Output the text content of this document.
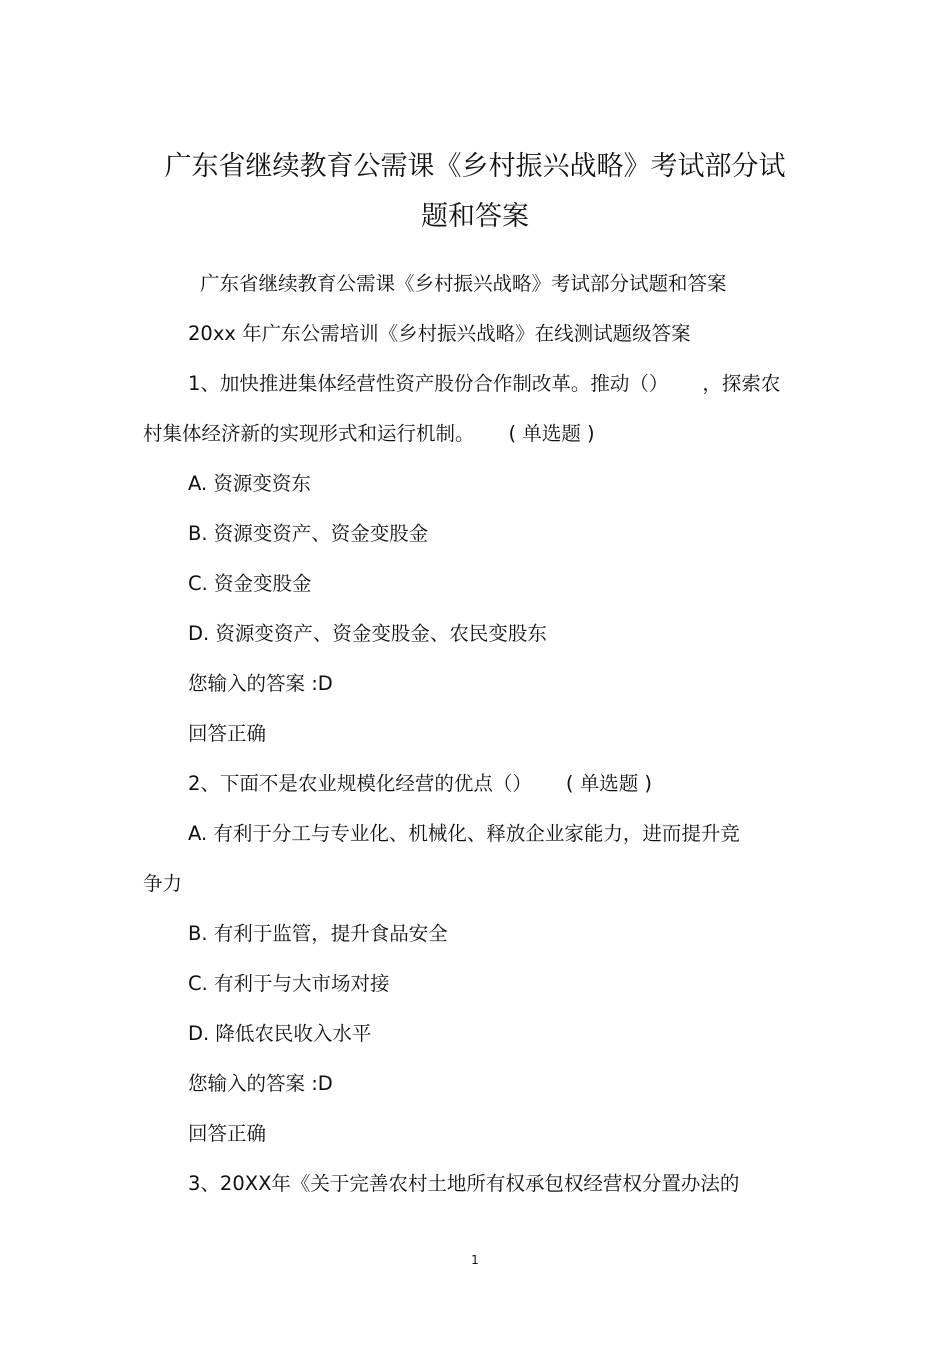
广东省继续教育公需课《乡村振兴战略》考试部分试
题和答案
广东省继续教育公需课《乡村振兴战略》考试部分试题和答案
20xx 年广东公需培训《乡村振兴战略》在线测试题级答案
1、加快推进集体经营性资产股份合作制改革。推动（） ，探索农
村集体经济新的实现形式和运行机制。 ( 单选题 )
A. 资源变资东
B. 资源变资产、资金变股金
C. 资金变股金
D. 资源变资产、资金变股金、农民变股东
您输入的答案 :D
回答正确
2、下面不是农业规模化经营的优点（） ( 单选题 )
A. 有利于分工与专业化、机械化、释放企业家能力，进而提升竞
争力
B. 有利于监管，提升食品安全
C. 有利于与大市场对接
D. 降低农民收入水平
您输入的答案 :D
回答正确
3、20XX年《关于完善农村土地所有权承包权经营权分置办法的
1
